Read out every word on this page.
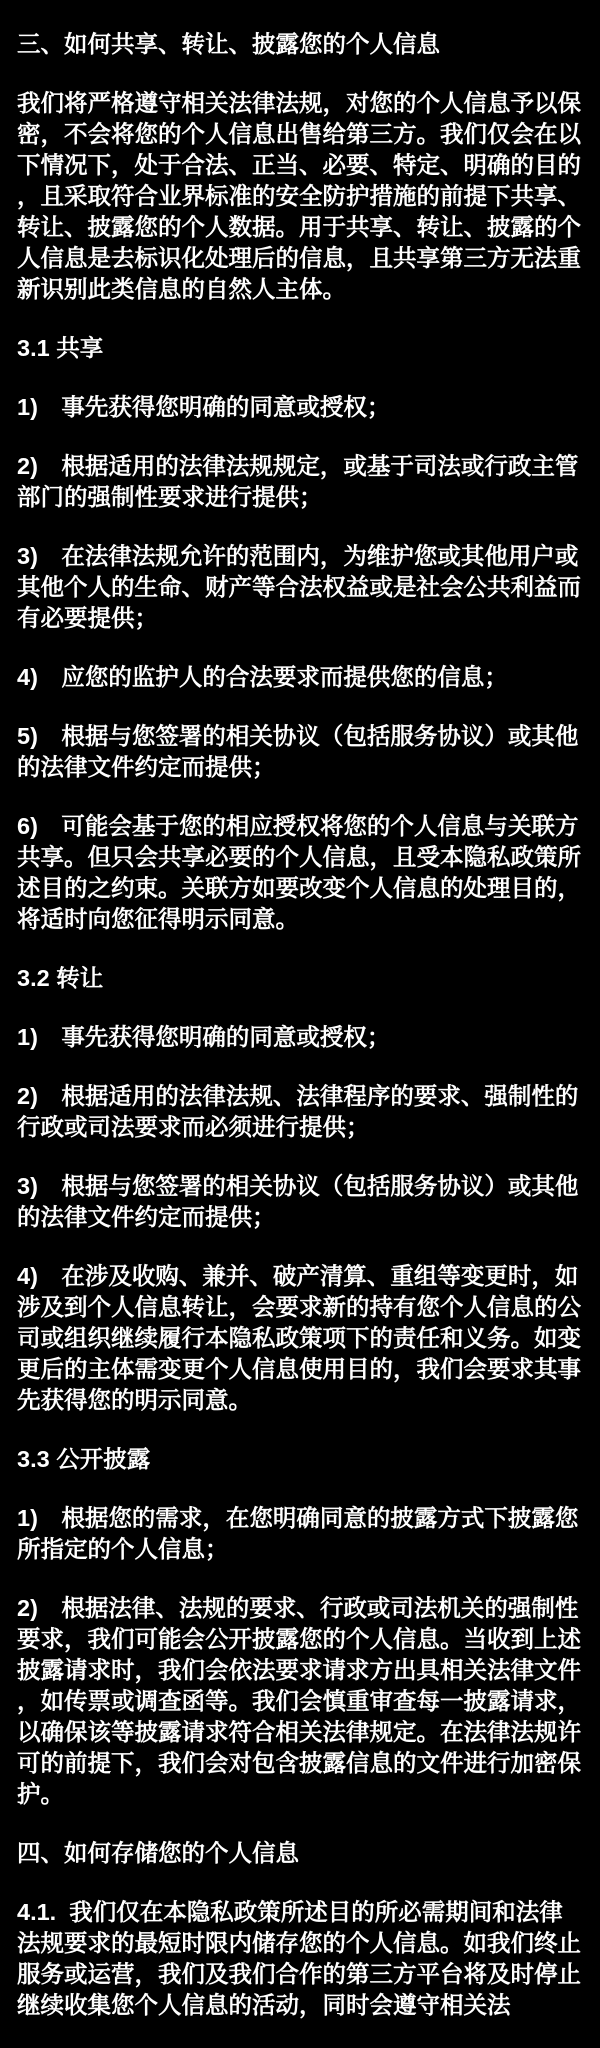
三、如何共享、转让、披露您的个人信息
我们将严格遵守相关法律法规，对您的个人信息予以保密，不会将您的个人信息出售给第三方。我们仅会在以下情况下，处于合法、正当、必要、特定、明确的目的，且采取符合业界标准的安全防护措施的前提下共享、转让、披露您的个人数据。用于共享、转让、披露的个人信息是去标识化处理后的信息，且共享第三方无法重新识别此类信息的自然人主体。
3.1 共享
1)　事先获得您明确的同意或授权；
2)　根据适用的法律法规规定，或基于司法或行政主管部门的强制性要求进行提供；
3)　在法律法规允许的范围内，为维护您或其他用户或其他个人的生命、财产等合法权益或是社会公共利益而有必要提供；
4)　应您的监护人的合法要求而提供您的信息；
5)　根据与您签署的相关协议（包括服务协议）或其他的法律文件约定而提供；
6)　可能会基于您的相应授权将您的个人信息与关联方共享。但只会共享必要的个人信息，且受本隐私政策所述目的之约束。关联方如要改变个人信息的处理目的，将适时向您征得明示同意。
3.2 转让
1)　事先获得您明确的同意或授权；
2)　根据适用的法律法规、法律程序的要求、强制性的行政或司法要求而必须进行提供；
3)　根据与您签署的相关协议（包括服务协议）或其他的法律文件约定而提供；
4)　在涉及收购、兼并、破产清算、重组等变更时，如涉及到个人信息转让，会要求新的持有您个人信息的公司或组织继续履行本隐私政策项下的责任和义务。如变更后的主体需变更个人信息使用目的，我们会要求其事先获得您的明示同意。
3.3 公开披露
1)　根据您的需求，在您明确同意的披露方式下披露您所指定的个人信息；
2)　根据法律、法规的要求、行政或司法机关的强制性要求，我们可能会公开披露您的个人信息。当收到上述披露请求时，我们会依法要求请求方出具相关法律文件，如传票或调查函等。我们会慎重审查每一披露请求，以确保该等披露请求符合相关法律规定。在法律法规许可的前提下，我们会对包含披露信息的文件进行加密保护。
四、如何存储您的个人信息
4.1.  我们仅在本隐私政策所述目的所必需期间和法律法规要求的最短时限内储存您的个人信息。如我们终止服务或运营，我们及我们合作的第三方平台将及时停止继续收集您个人信息的活动，同时会遵守相关法
